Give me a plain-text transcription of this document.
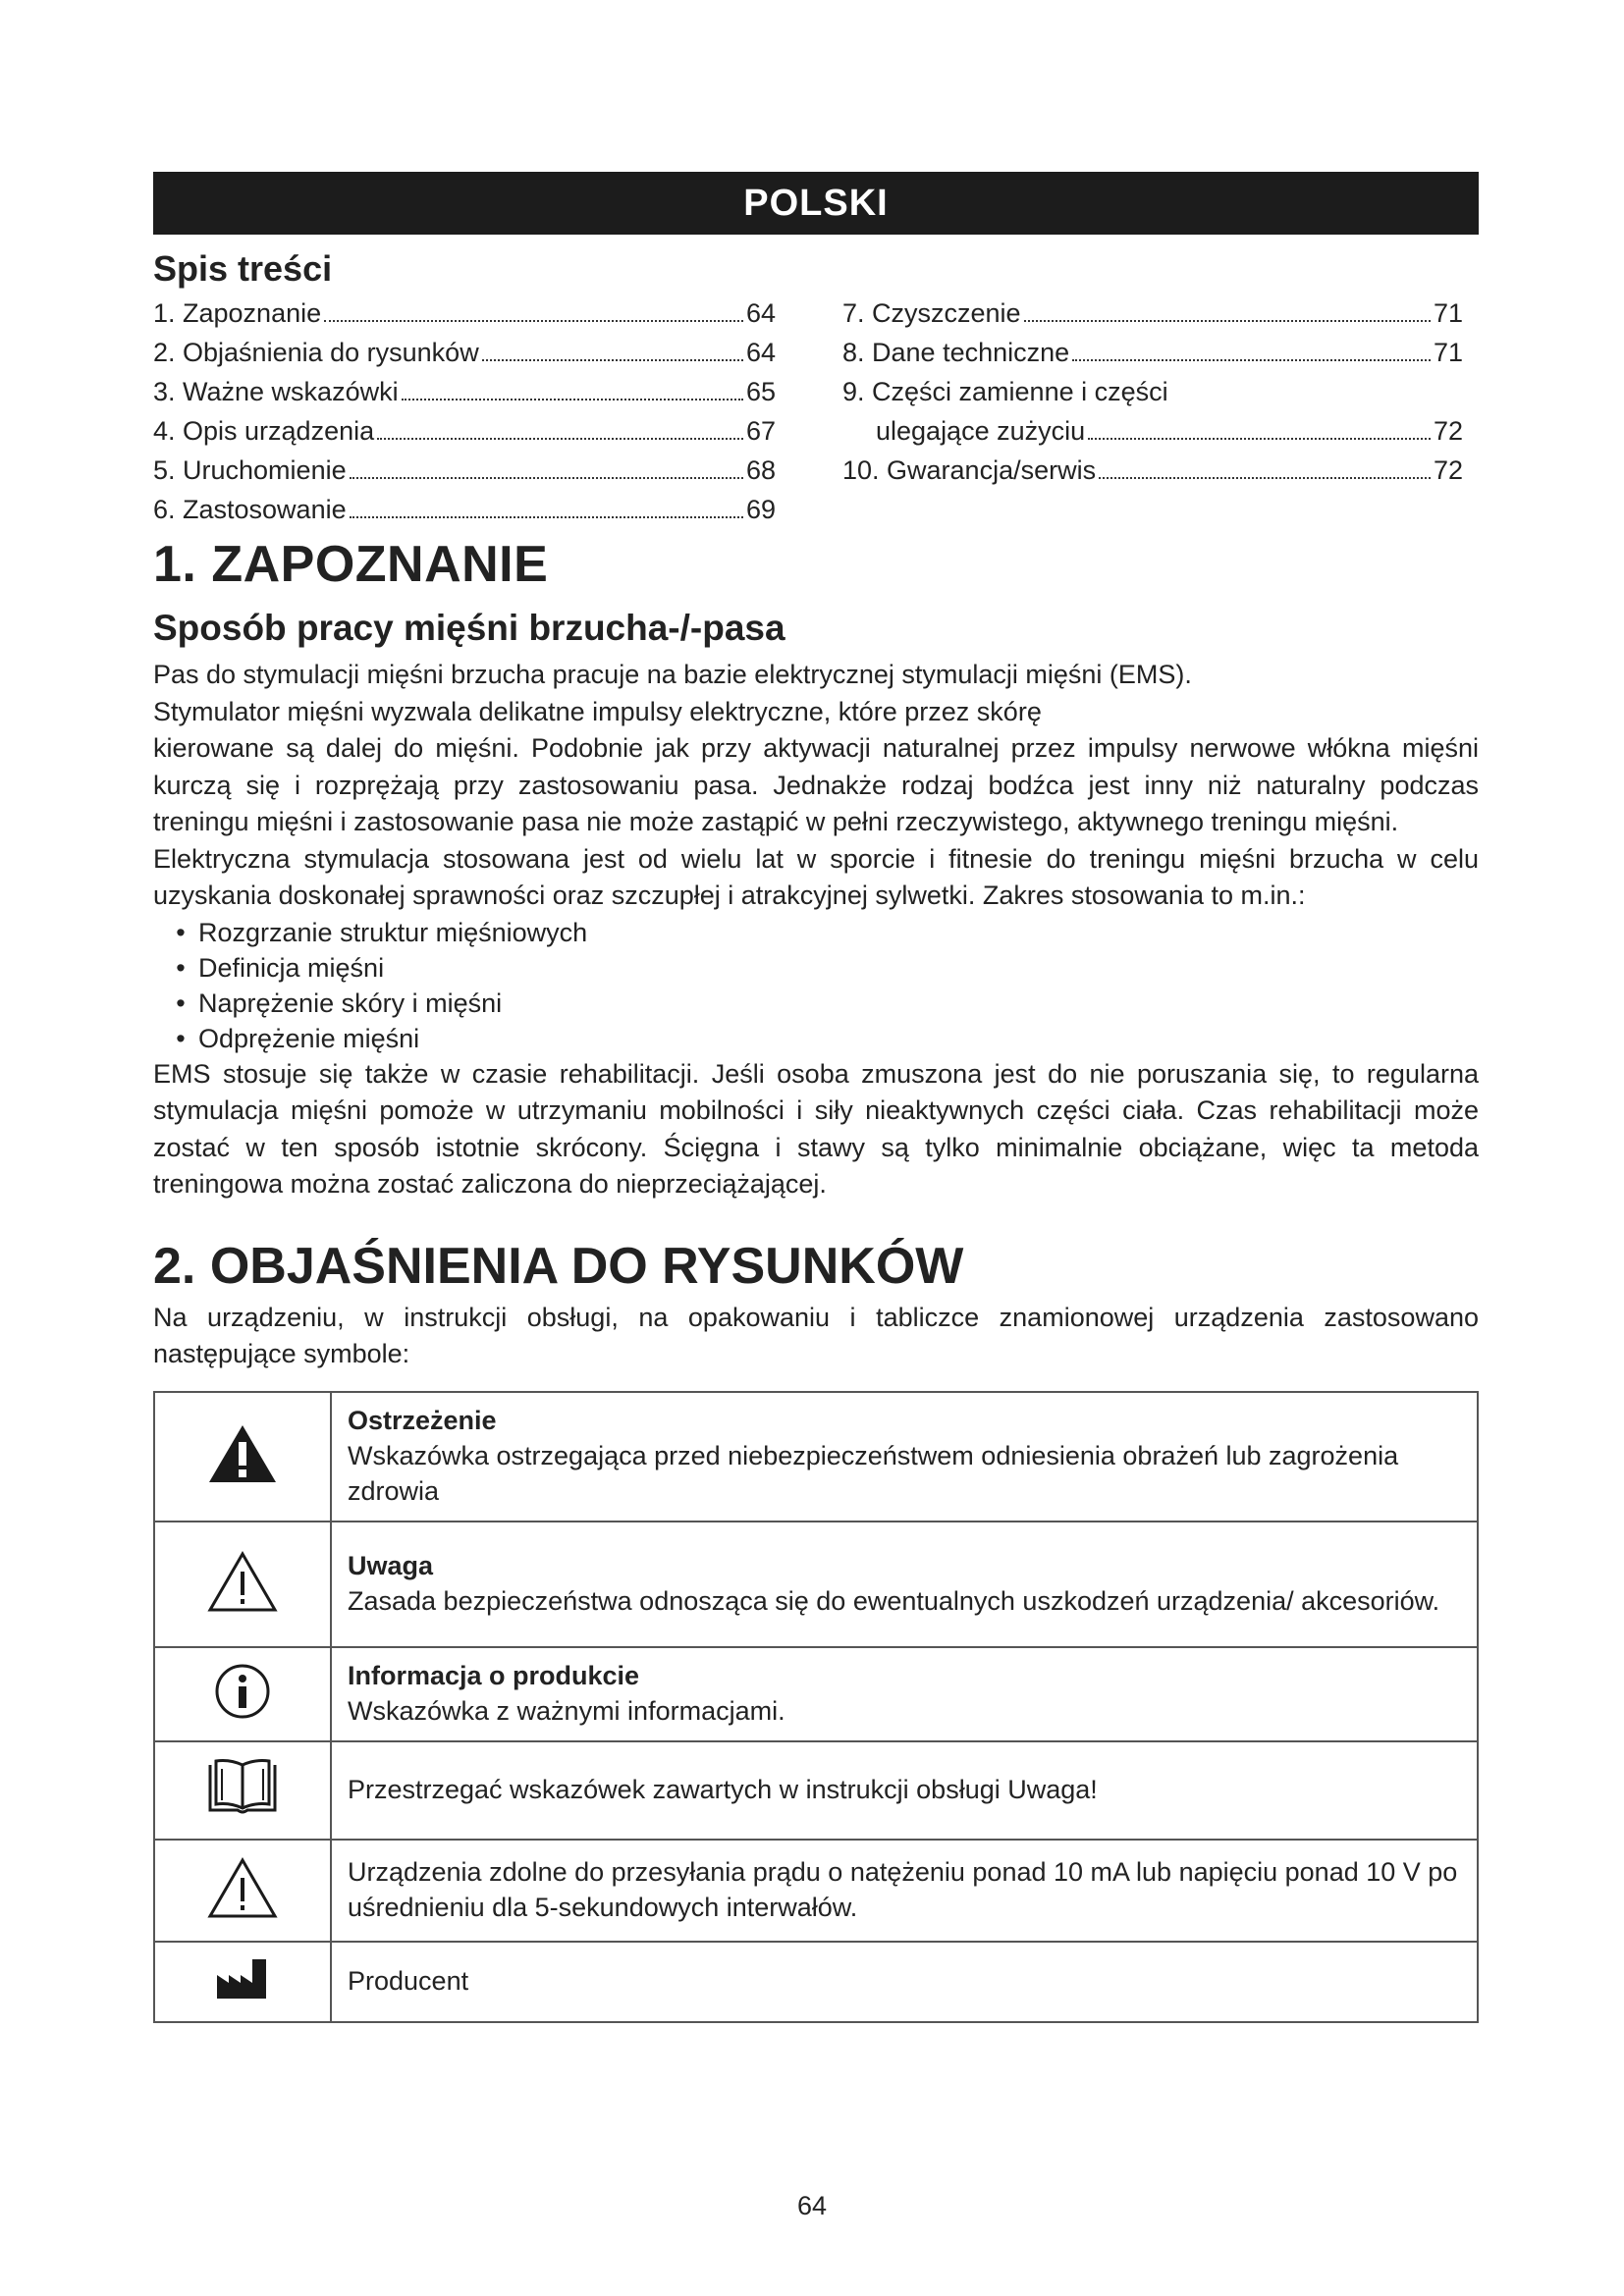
POLSKI
Spis treści
1. Zapoznanie	64
2. Objaśnienia do rysunków	64
3. Ważne wskazówki	65
4. Opis urządzenia	67
5. Uruchomienie	68
6. Zastosowanie	69
7. Czyszczenie	71
8. Dane techniczne	71
9. Części zamienne i części
ulegające zużyciu	72
10. Gwarancja/serwis	72
1. ZAPOZNANIE
Sposób pracy mięśni brzucha-/-pasa

Pas do stymulacji mięśni brzucha pracuje na bazie elektrycznej stymulacji mięśni (EMS).

Stymulator mięśni wyzwala delikatne impulsy elektryczne, które przez skórę

kierowane są dalej do mięśni. Podobnie jak przy aktywacji naturalnej przez impulsy nerwowe włókna mięśni kurczą się i rozprężają przy zastosowaniu pasa. Jednakże rodzaj bodźca jest inny niż naturalny podczas treningu mięśni i zastosowanie pasa nie może zastąpić w pełni rzeczywistego, aktywnego treningu mięśni.

Elektryczna stymulacja stosowana jest od wielu lat w sporcie i fitnesie do treningu mięśni brzucha w celu uzyskania doskonałej sprawności oraz szczupłej i atrakcyjnej sylwetki. Zakres stosowania to m.in.:

• Rozgrzanie struktur mięśniowych
• Definicja mięśni
• Naprężenie skóry i mięśni
• Odprężenie mięśni

EMS stosuje się także w czasie rehabilitacji. Jeśli osoba zmuszona jest do nie poruszania się, to regularna stymulacja mięśni pomoże w utrzymaniu mobilności i siły nieaktywnych części ciała. Czas rehabilitacji może zostać w ten sposób istotnie skrócony. Ścięgna i stawy są tylko minimalnie obciążane, więc ta metoda treningowa można zostać zaliczona do nieprzeciążającej.

2. OBJAŚNIENIA DO RYSUNKÓW

Na urządzeniu, w instrukcji obsługi, na opakowaniu i tabliczce znamionowej urządzenia zastosowano następujące symbole:

Ostrzeżenie
Wskazówka ostrzegająca przed niebezpieczeństwem odniesienia obrażeń lub zagrożenia zdrowia

Uwaga
Zasada bezpieczeństwa odnosząca się do ewentualnych uszkodzeń urządzenia/ akcesoriów.

Informacja o produkcie
Wskazówka z ważnymi informacjami.

Przestrzegać wskazówek zawartych w instrukcji obsługi Uwaga!

Urządzenia zdolne do przesyłania prądu o natężeniu ponad 10 mA lub napięciu ponad 10 V po uśrednieniu dla 5-sekundowych interwałów.

Producent
64
